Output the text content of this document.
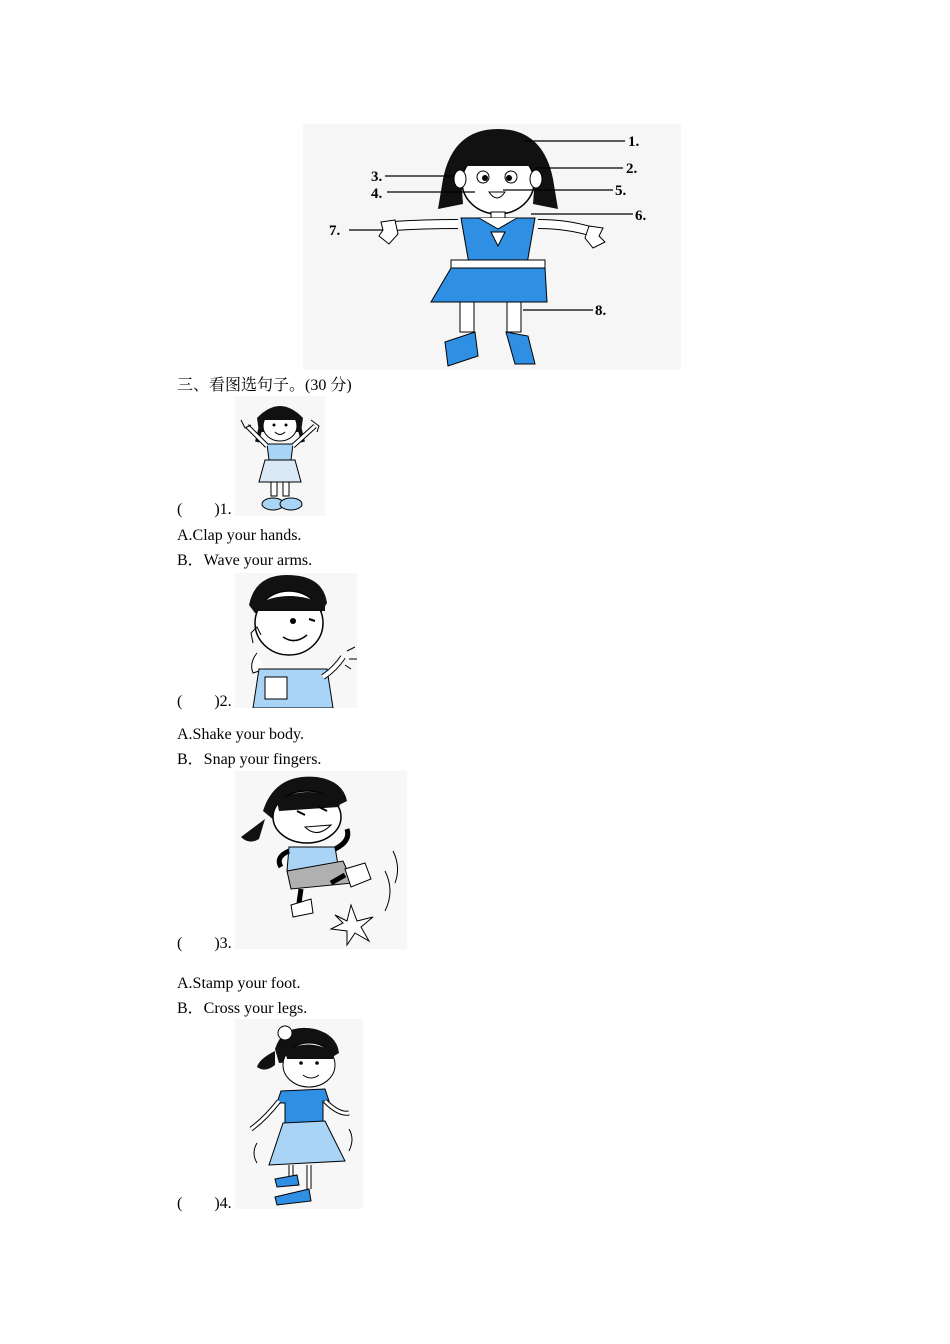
1.
2.
3.
4.	5.
6.
7.
8.
三、看图选句子。(30 分)
(        )1.
A.Clap your hands.
B．Wave your arms.
(        )2.
A.Shake your body.
B．Snap your fingers.
(        )3.
A.Stamp your foot.
B．Cross your legs.
(        )4.
